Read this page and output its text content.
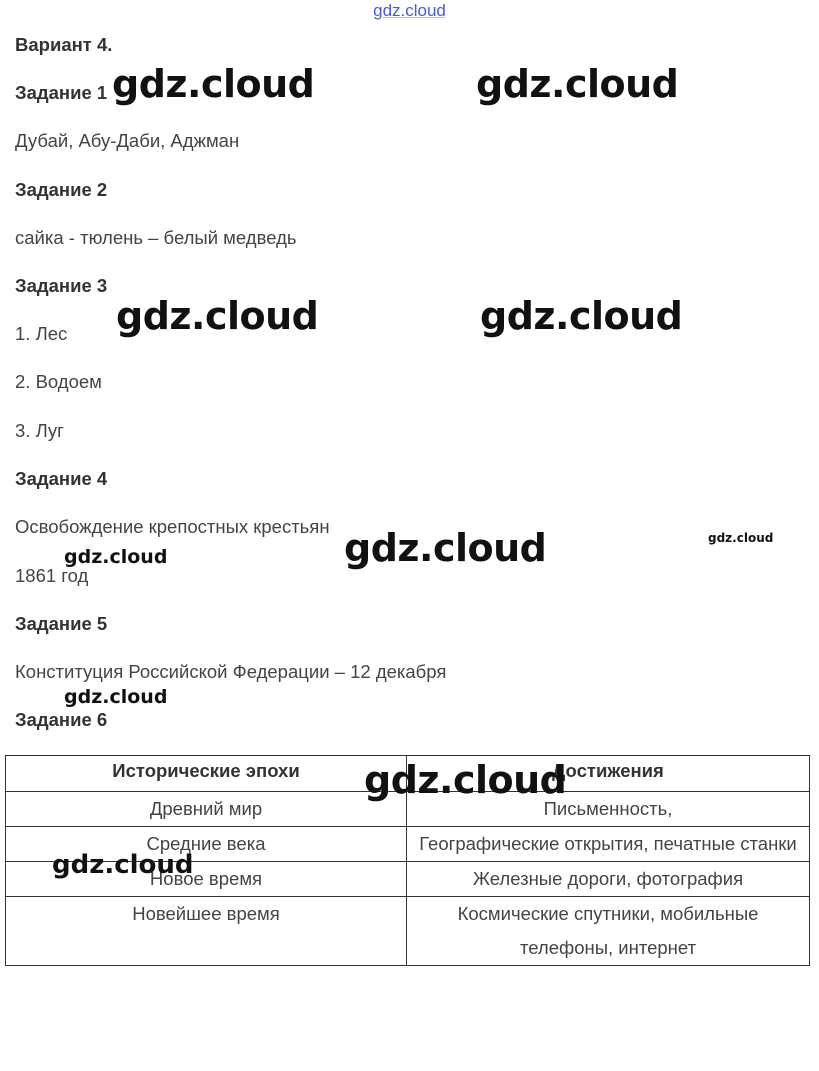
gdz.cloud
Вариант 4.
Задание 1
Дубай, Абу-Даби, Аджман
Задание 2
сайка - тюлень – белый медведь
Задание 3
1. Лес
2. Водоем
3. Луг
Задание 4
Освобождение крепостных крестьян
1861 год
Задание 5
Конституция Российской Федерации – 12 декабря
Задание 6
Исторические эпохи	Достижения
Древний мир	Письменность,
Средние века	Географические открытия, печатные станки
Новое время	Железные дороги, фотография
Новейшее время	Космические спутники, мобильные телефоны, интернет
gdz.cloud	gdz.cloud
gdz.cloud	gdz.cloud
gdz.cloud	gdz.cloud
gdz.cloud
gdz.cloud
gdz.cloud
gdz.cloud
